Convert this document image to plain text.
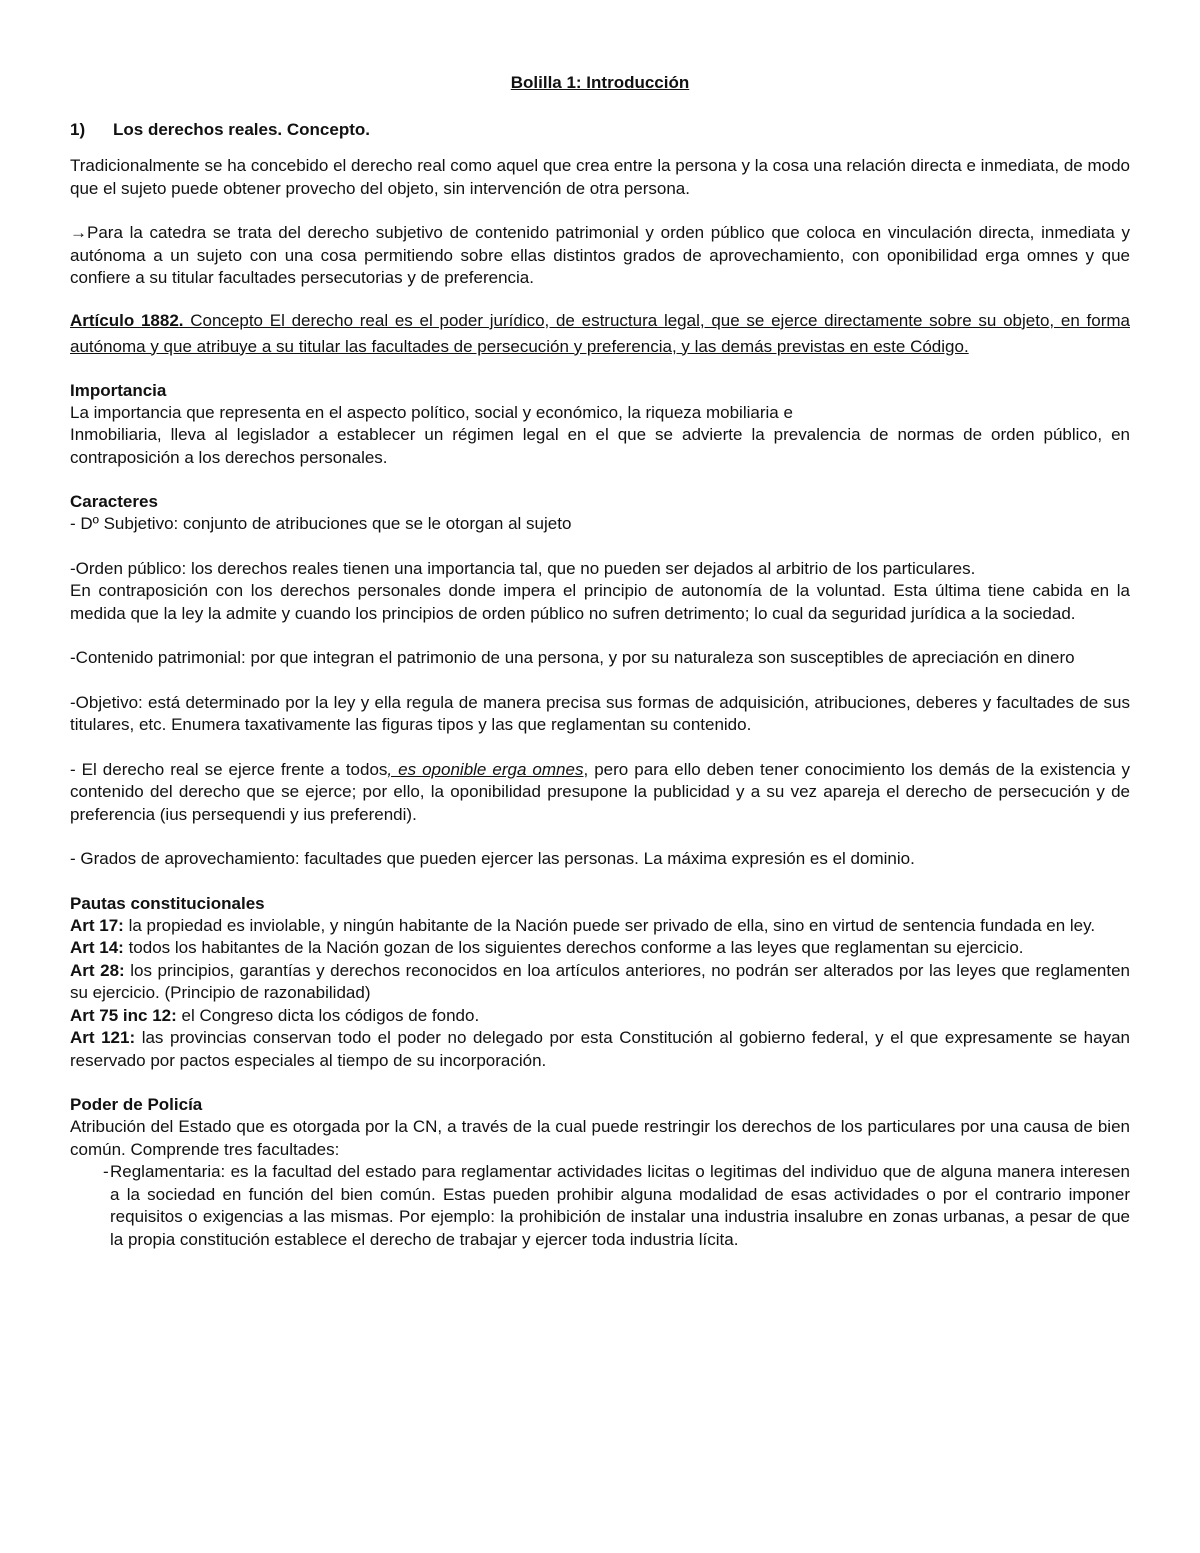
Bolilla 1: Introducción

1)	Los derechos reales. Concepto.

Tradicionalmente se ha concebido el derecho real como aquel que crea entre la persona y la cosa una relación directa e inmediata, de modo que el sujeto puede obtener provecho del objeto, sin intervención de otra persona.

→Para la catedra se trata del derecho subjetivo de contenido patrimonial y orden público que coloca en vinculación directa, inmediata y autónoma a un sujeto con una cosa permitiendo sobre ellas distintos grados de aprovechamiento, con oponibilidad erga omnes y que confiere a su titular facultades persecutorias y de preferencia.

Artículo 1882. Concepto El derecho real es el poder jurídico, de estructura legal, que se ejerce directamente sobre su objeto, en forma autónoma y que atribuye a su titular las facultades de persecución y preferencia, y las demás previstas en este Código.

Importancia

La importancia que representa en el aspecto político, social y económico, la riqueza mobiliaria e

Inmobiliaria, lleva al legislador a establecer un régimen legal en el que se advierte la prevalencia de normas de orden público, en contraposición a los derechos personales.

Caracteres

- Dº Subjetivo: conjunto de atribuciones que se le otorgan al sujeto

-Orden público: los derechos reales tienen una importancia tal, que no pueden ser dejados al arbitrio de los particulares.

En contraposición con los derechos personales donde impera el principio de autonomía de la voluntad. Esta última tiene cabida en la medida que la ley la admite y cuando los principios de orden público no sufren detrimento; lo cual da seguridad jurídica a la sociedad.

-Contenido patrimonial: por que integran el patrimonio de una persona, y por su naturaleza son susceptibles de apreciación en dinero

-Objetivo: está determinado por la ley y ella regula de manera precisa sus formas de adquisición, atribuciones, deberes y facultades de sus titulares, etc. Enumera taxativamente las figuras tipos y las que reglamentan su contenido.

- El derecho real se ejerce frente a todos, es oponible erga omnes, pero para ello deben tener conocimiento los demás de la existencia y contenido del derecho que se ejerce; por ello, la oponibilidad presupone la publicidad y a su vez apareja el derecho de persecución y de preferencia (ius persequendi y ius preferendi).

- Grados de aprovechamiento: facultades que pueden ejercer las personas. La máxima expresión es el dominio.

Pautas constitucionales

Art 17: la propiedad es inviolable, y ningún habitante de la Nación puede ser privado de ella, sino en virtud de sentencia fundada en ley.

Art 14: todos los habitantes de la Nación gozan de los siguientes derechos conforme a las leyes que reglamentan su ejercicio.

Art 28: los principios, garantías y derechos reconocidos en loa artículos anteriores, no podrán ser alterados por las leyes que reglamenten su ejercicio. (Principio de razonabilidad)

Art 75 inc 12: el Congreso dicta los códigos de fondo.

Art 121: las provincias conservan todo el poder no delegado por esta Constitución al gobierno federal, y el que expresamente se hayan reservado por pactos especiales al tiempo de su incorporación.

Poder de Policía

Atribución del Estado que es otorgada por la CN, a través de la cual puede restringir los derechos de los particulares por una causa de bien común. Comprende tres facultades:

- Reglamentaria: es la facultad del estado para reglamentar actividades licitas o legitimas del individuo que de alguna manera interesen a la sociedad en función del bien común. Estas pueden prohibir alguna modalidad de esas actividades o por el contrario imponer requisitos o exigencias a las mismas. Por ejemplo: la prohibición de instalar una industria insalubre en zonas urbanas, a pesar de que la propia constitución establece el derecho de trabajar y ejercer toda industria lícita.
